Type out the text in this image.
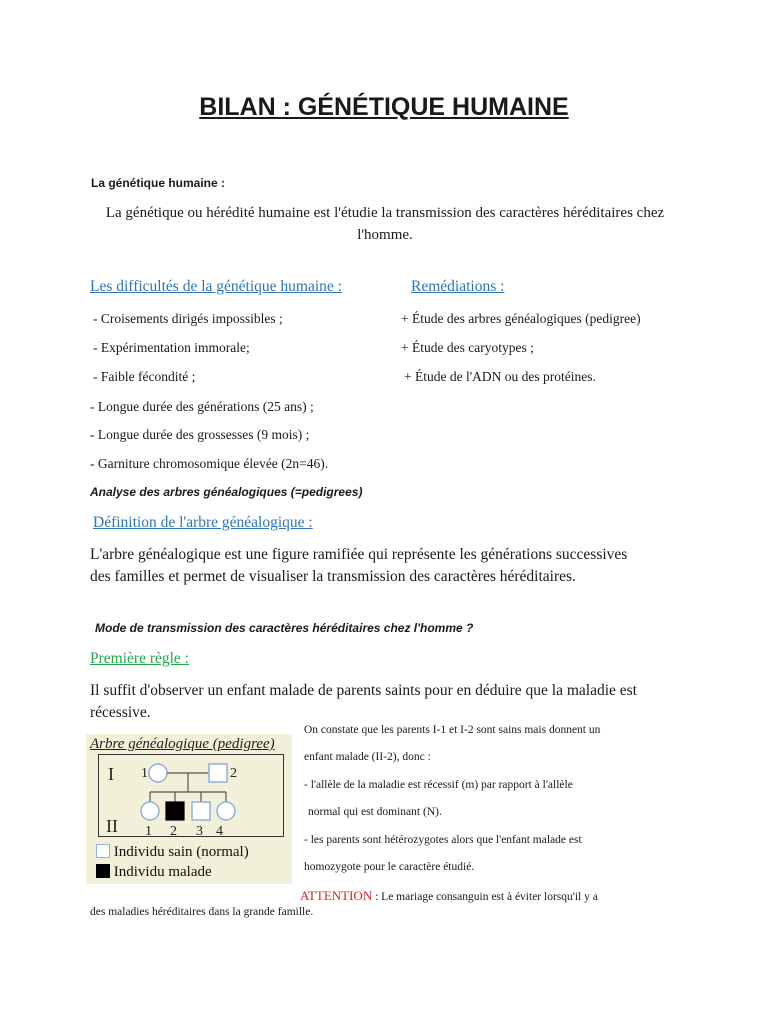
BILAN : GÉNÉTIQUE HUMAINE
La génétique humaine :
La génétique ou hérédité humaine est l'étudie la transmission des caractères héréditaires chez l'homme.
Les difficultés de la génétique humaine :	Remédiations :
- Croisements dirigés impossibles ;
- Expérimentation immorale;
- Faible fécondité ;
- Longue durée des générations (25 ans) ;
- Longue durée des grossesses (9 mois) ;
- Garniture chromosomique élevée (2n=46).
+ Étude des arbres généalogiques (pedigree)
+ Étude des caryotypes ;
+ Étude de l'ADN ou des protéines.
Analyse des arbres généalogiques (=pedigrees)
Définition de l'arbre généalogique :
L'arbre généalogique est une figure ramifiée qui représente les générations successives des familles et permet de visualiser la transmission des caractères héréditaires.
Mode de transmission des caractères héréditaires chez l'homme ?
Première règle :
Il suffit d'observer un enfant malade de parents saints pour en déduire que la maladie est récessive.
Arbre généalogique (pedigree)
I
II
1	2
1 2 3 4
Individu sain (normal)
Individu malade
On constate que les parents I-1 et I-2 sont sains mais donnent un
enfant malade (II-2), donc :
- l'allèle de la maladie est récessif (m) par rapport à l'allèle
normal qui est dominant (N).
- les parents sont hétérozygotes alors que l'enfant malade est
homozygote pour le caractère étudié.
ATTENTION : Le mariage consanguin est à éviter lorsqu'il y a
des maladies héréditaires dans la grande famille.
